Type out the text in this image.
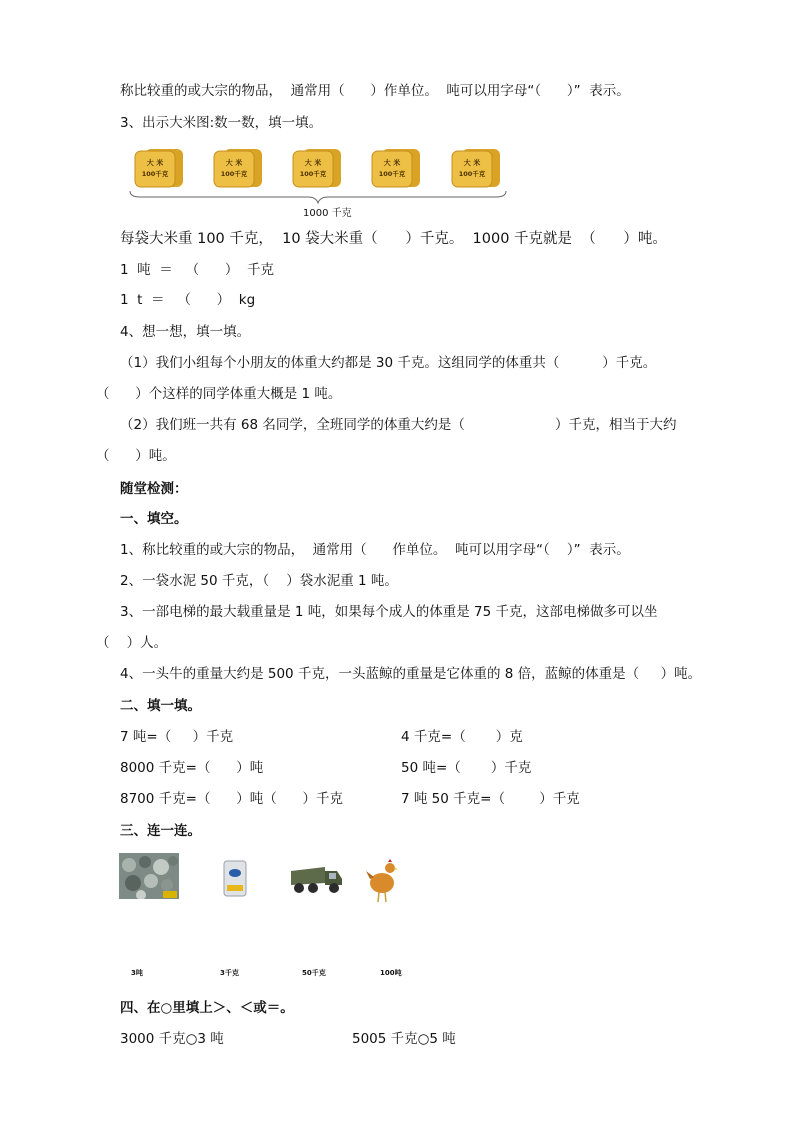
称比较重的或大宗的物品，  通常用（      ）作单位。  吨可以用字母“（      ）”  表示。
3、出示大米图:数一数，填一填。
大 米
100千克
大 米
100千克
大 米
100千克
大 米
100千克
大 米
100千克
1000 千克
每袋大米重 100 千克，  10 袋大米重（      ）千克。  1000 千克就是  （      ）吨。
1  吨  ＝   （      ）  千克
1  t  ＝   （      ）  kg
4、想一想，填一填。
（1）我们小组每个小朋友的体重大约都是 30 千克。这组同学的体重共（          ）千克。
（      ）个这样的同学体重大概是 1 吨。
（2）我们班一共有 68 名同学，全班同学的体重大约是（                     ）千克，相当于大约
（      ）吨。
随堂检测：
一、填空。
1、称比较重的或大宗的物品，  通常用（      作单位。  吨可以用字母“（    ）”  表示。
2、一袋水泥 50 千克，（    ）袋水泥重 1 吨。
3、一部电梯的最大载重量是 1 吨，如果每个成人的体重是 75 千克，这部电梯做多可以坐
（    ）人。
4、一头牛的重量大约是 500 千克，一头蓝鲸的重量是它体重的 8 倍，蓝鲸的体重是（     ）吨。
二、填一填。
7 吨=（     ）千克	4 千克=（       ）克
8000 千克=（      ）吨	50 吨=（       ）千克
8700 千克=（      ）吨（      ）千克	7 吨 50 千克=（        ）千克
三、连一连。
3吨	3千克	50千克	100吨
四、在○里填上＞、＜或＝。
3000 千克○3 吨	5005 千克○5 吨
